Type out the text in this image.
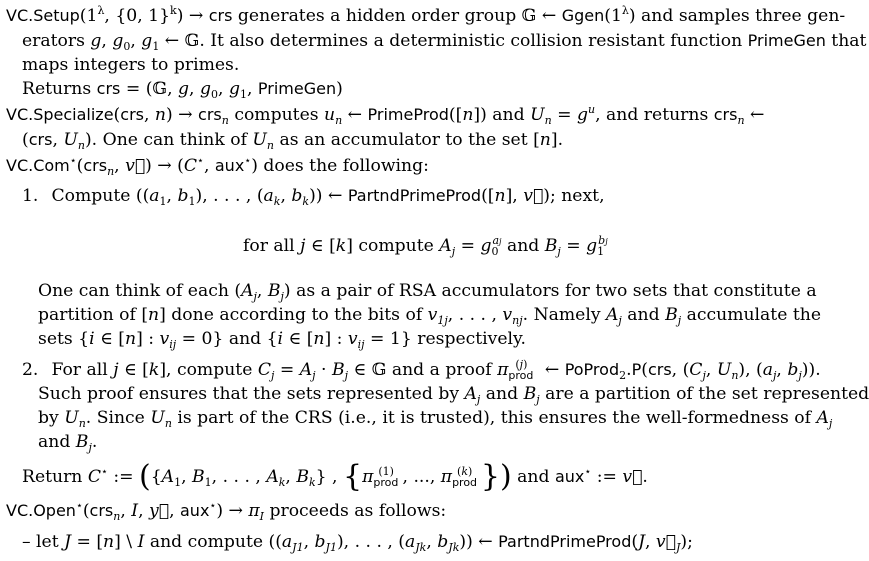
$VC.Setup(1^\lambda$, {0, 1}$^k$) → crs generates a hidden order group 𝔾 ← $Ggen(1^\lambda)$ and samples three gen-
erators g, $g_0$, $g_1$ ← 𝔾. It also determines a deterministic collision resistant function PrimeGen that
maps integers to primes.
Returns crs = (𝔾, g, $g_0$, $g_1$, PrimeGen)
VC.Specialize(crs, n) → crs$_n$ computes $u_n$ ← PrimeProd([n]) and $U_n = g^u$, and returns crs$_n$ ←
(crs, $U_n$). One can think of $U_n$ as an accumulator to the set [n].
VC.Com⋆(crs$_n$, v⃗) → (C⋆, aux⋆) does the following:
1. Compute (($a_1$, $b_1$), . . . , ($a_k$, $b_k$)) ← PartndPrimeProd([n], v⃗); next,
for all j ∈ [k] compute $A_j = g_0^{aj}$ and $B_j = g_1^{bj}$
One can think of each ($A_j$, $B_j$) as a pair of RSA accumulators for two sets that constitute a
partition of [n] done according to the bits of $v_{1j}$, . . . , $v_{nj}$. Namely $A_j$ and $B_j$ accumulate the
sets {i ∈ [n] : $v_{ij} = 0$} and {i ∈ [n] : $v_{ij} = 1$} respectively.
2. For all j ∈ [k], compute $C_j = A_j \cdot B_j$ ∈ 𝔾 and a proof $\pi_{prod}^{(j)}$        ← PoProd$_2$.P(crs, ($C_j$, $U_n$), ($a_j$, $b_j$)).
Such proof ensures that the sets represented by $A_j$ and $B_j$ are a partition of the set represented
by $U_n$. Since $U_n$ is part of the CRS (i.e., it is trusted), this ensures the well-formedness of $A_j$
and $B_j$.
Return C⋆ := ({$A_1$, $B_1$, . . . , $A_k$, $B_k$} , {$\pi_{prod}^{(1)}$     , ..., $\pi_{prod}^{(k)}$      }) and aux⋆ := v⃗.
VC.Open⋆(crs$_n$, I, y⃗, $aux^⋆) \to \pi_I$ proceeds as follows:
– let J = [n] \ I and compute (($a_{J1}$, $b_{J1}$), . . . , ($a_{Jk}$, $b_{Jk}$)) ← PartndPrimeProd(J, $v⃗_J$);
